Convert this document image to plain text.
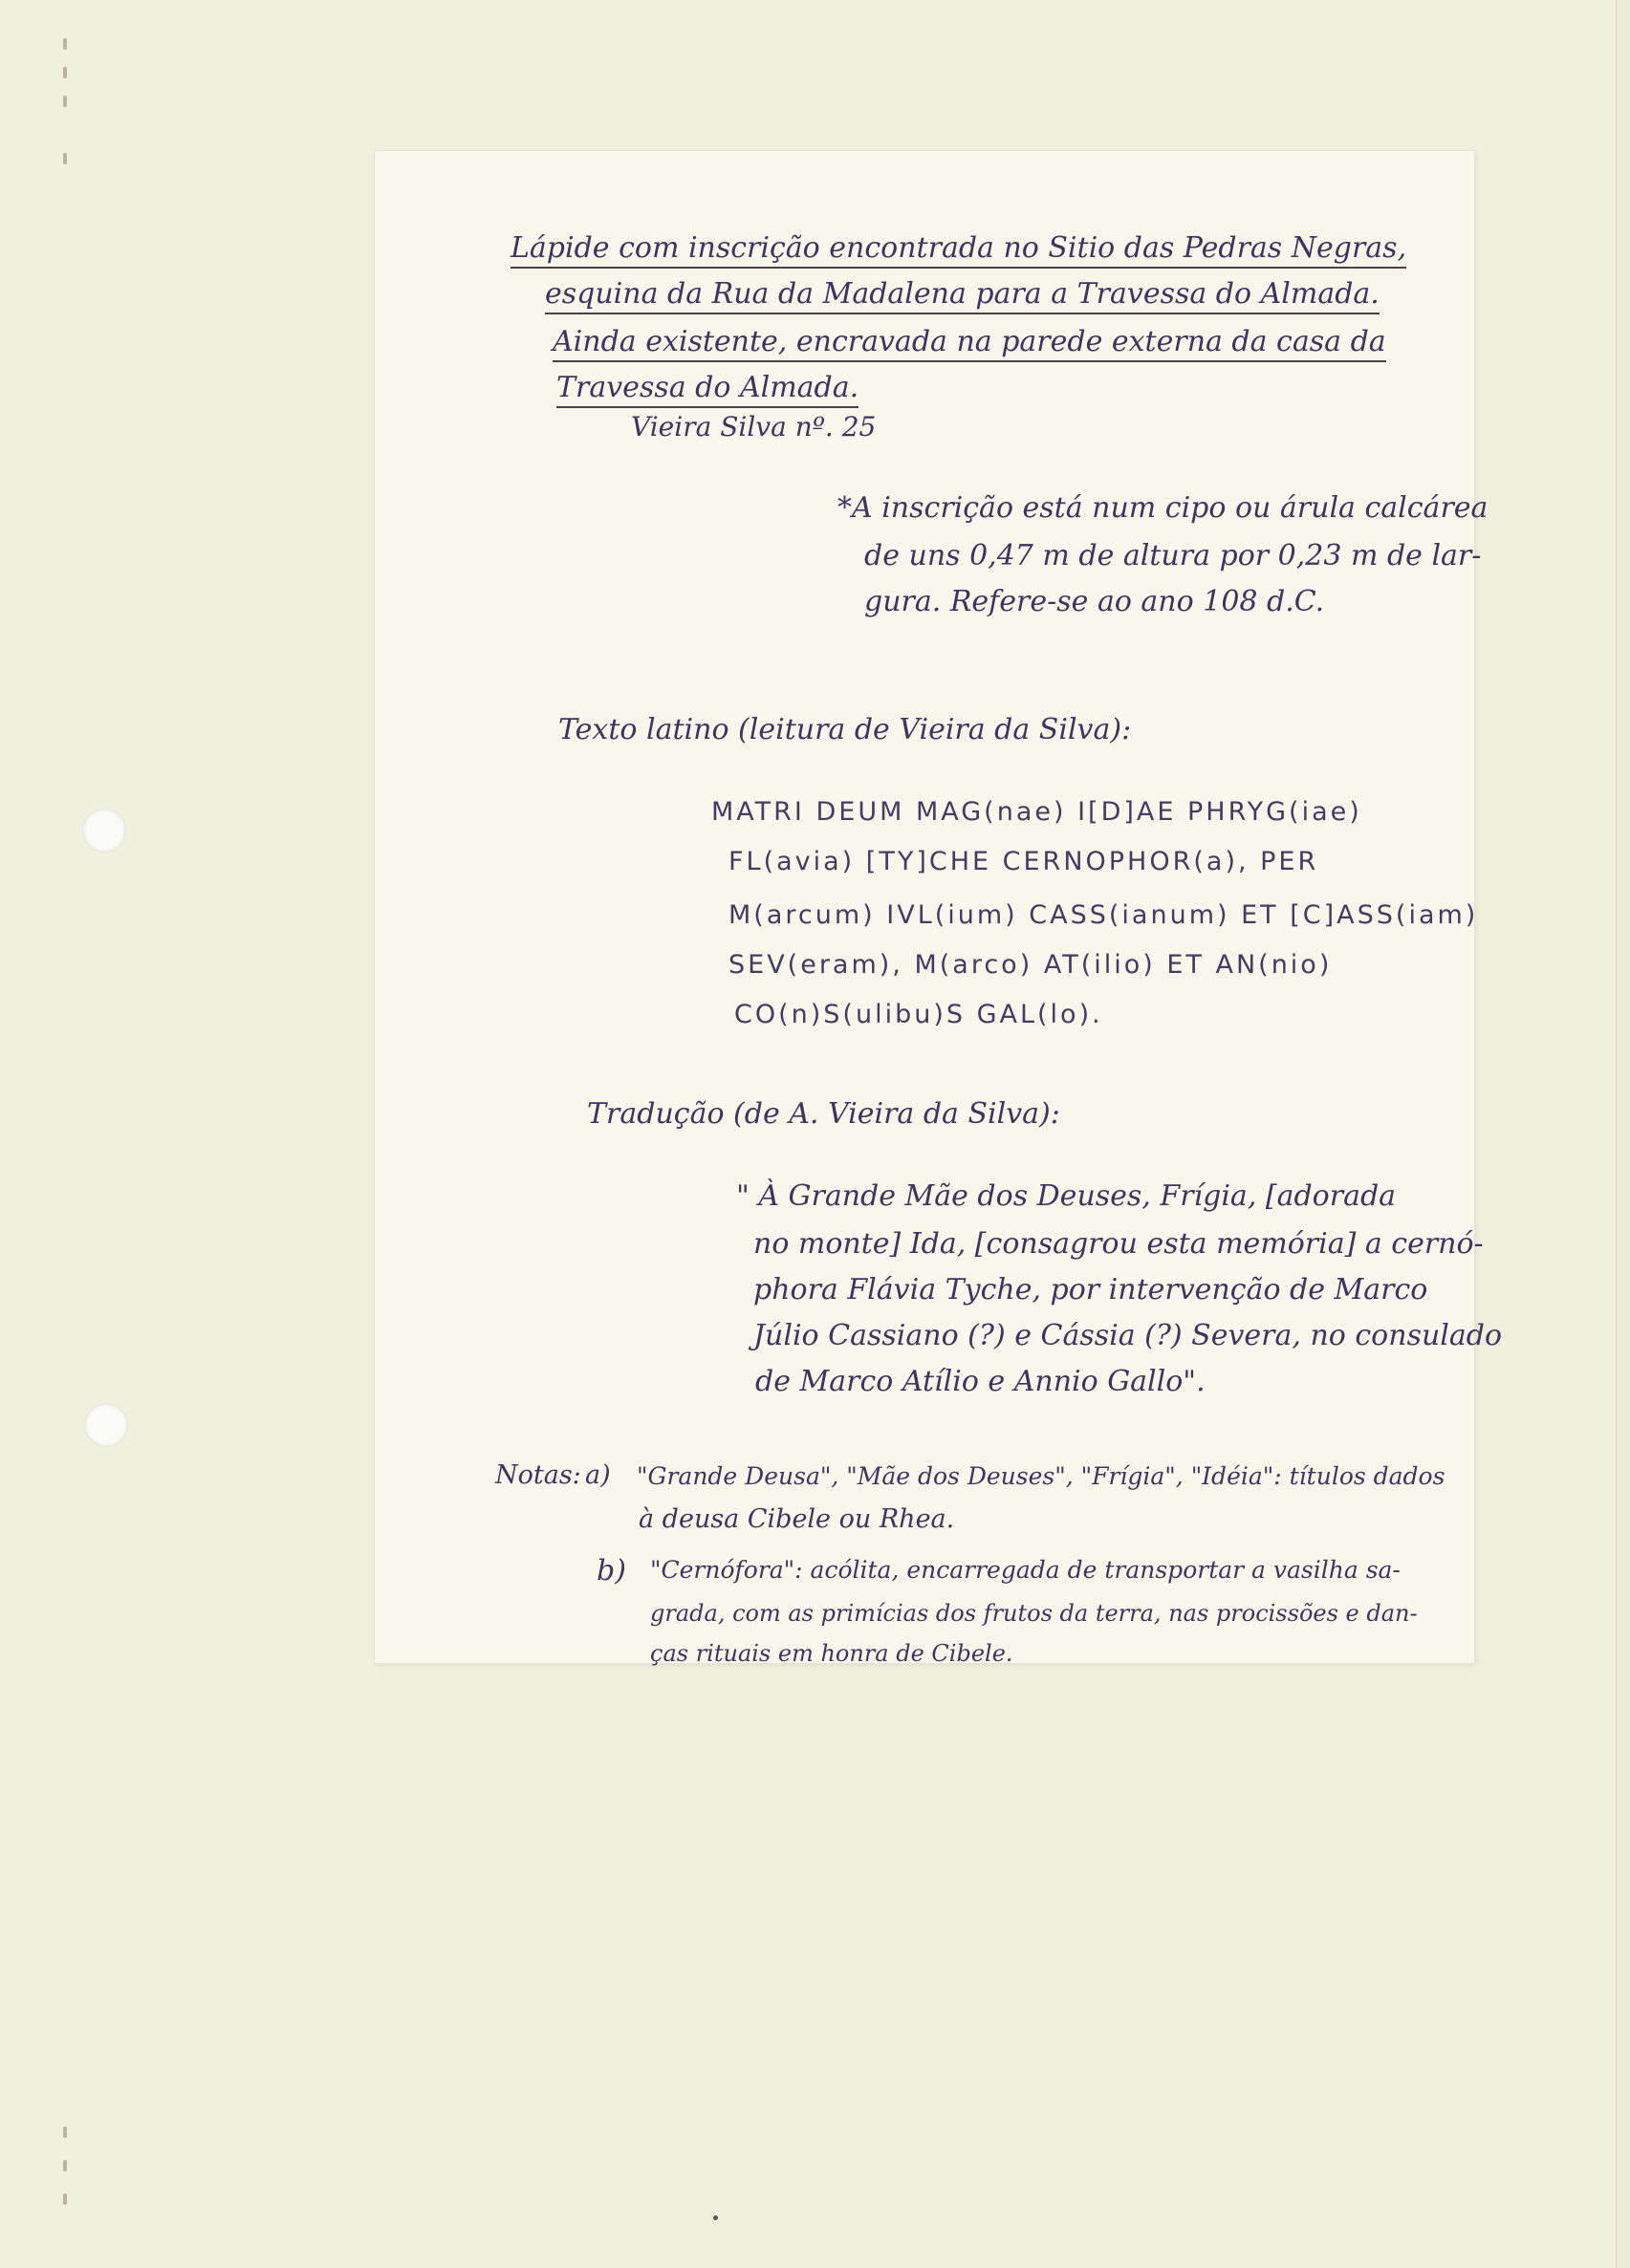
Lápide com inscrição encontrada no Sitio das Pedras Negras,
esquina da Rua da Madalena para a Travessa do Almada.
Ainda existente, encravada na parede externa da casa da
Travessa do Almada.
Vieira Silva nº. 25
*A inscrição está num cipo ou árula calcárea
de uns 0,47 m de altura por 0,23 m de lar-
gura. Refere-se ao ano 108 d.C.
Texto latino (leitura de Vieira da Silva):
MATRI DEUM MAG(nae) I[D]AE PHRYG(iae)
FL(avia) [TY]CHE CERNOPHOR(a), PER
M(arcum) IVL(ium) CASS(ianum) ET [C]ASS(iam)
SEV(eram), M(arco) AT(ilio) ET AN(nio)
CO(n)S(ulibu)S GAL(lo).
Tradução (de A. Vieira da Silva):
" À Grande Mãe dos Deuses, Frígia, [adorada
no monte] Ida, [consagrou esta memória] a cernó-
phora Flávia Tyche, por intervenção de Marco
Júlio Cassiano (?) e Cássia (?) Severa, no consulado
de Marco Atílio e Annio Gallo".
Notas: a) "Grande Deusa", "Mãe dos Deuses", "Frígia", "Idéia": títulos dados
à deusa Cibele ou Rhea.
b) "Cernófora": acólita, encarregada de transportar a vasilha sa-
grada, com as primícias dos frutos da terra, nas procissões e dan-
ças rituais em honra de Cibele.
